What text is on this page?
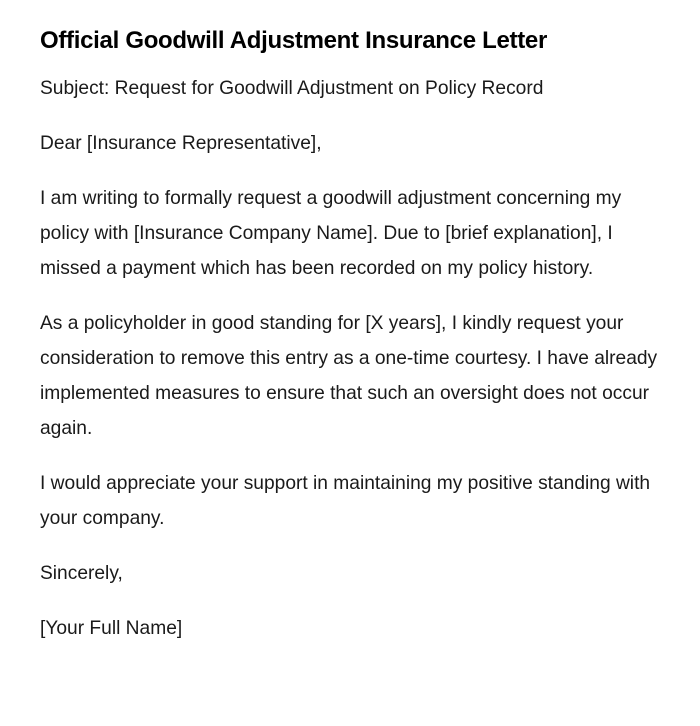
Official Goodwill Adjustment Insurance Letter

Subject: Request for Goodwill Adjustment on Policy Record

Dear [Insurance Representative],

I am writing to formally request a goodwill adjustment concerning my policy with [Insurance Company Name]. Due to [brief explanation], I missed a payment which has been recorded on my policy history.

As a policyholder in good standing for [X years], I kindly request your consideration to remove this entry as a one-time courtesy. I have already implemented measures to ensure that such an oversight does not occur again.

I would appreciate your support in maintaining my positive standing with your company.

Sincerely,

[Your Full Name]
